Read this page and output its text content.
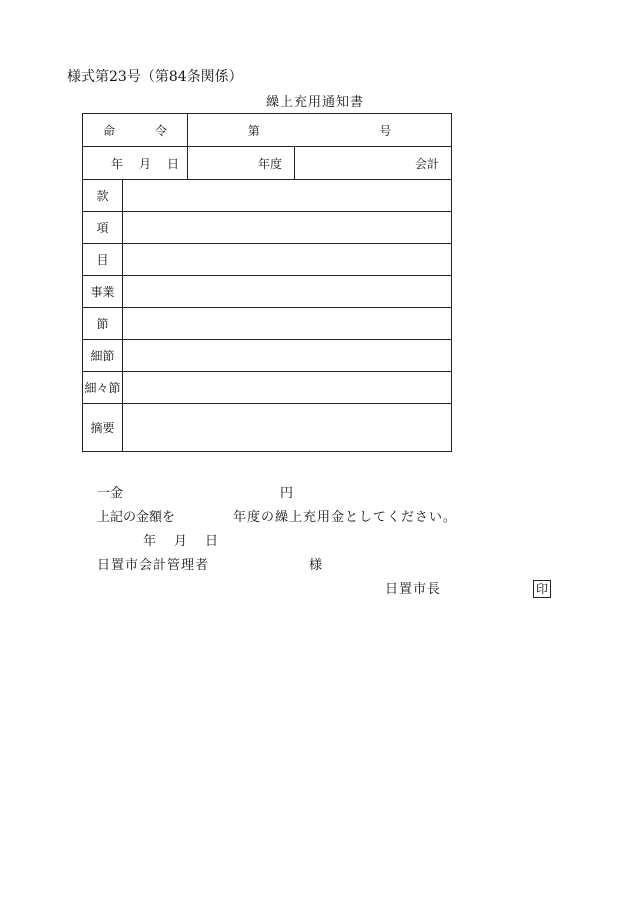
様式第23号（第84条関係）
繰上充用通知書
命 令		第 号	

年 月 日		年度	会計
款			
項			
目			
事業			
節			
細節			
細々節			
摘要			
一金	円
上記の金額を	年度の繰上充用金としてください。
年 月 日
日置市会計管理者	様
日置市長	印
